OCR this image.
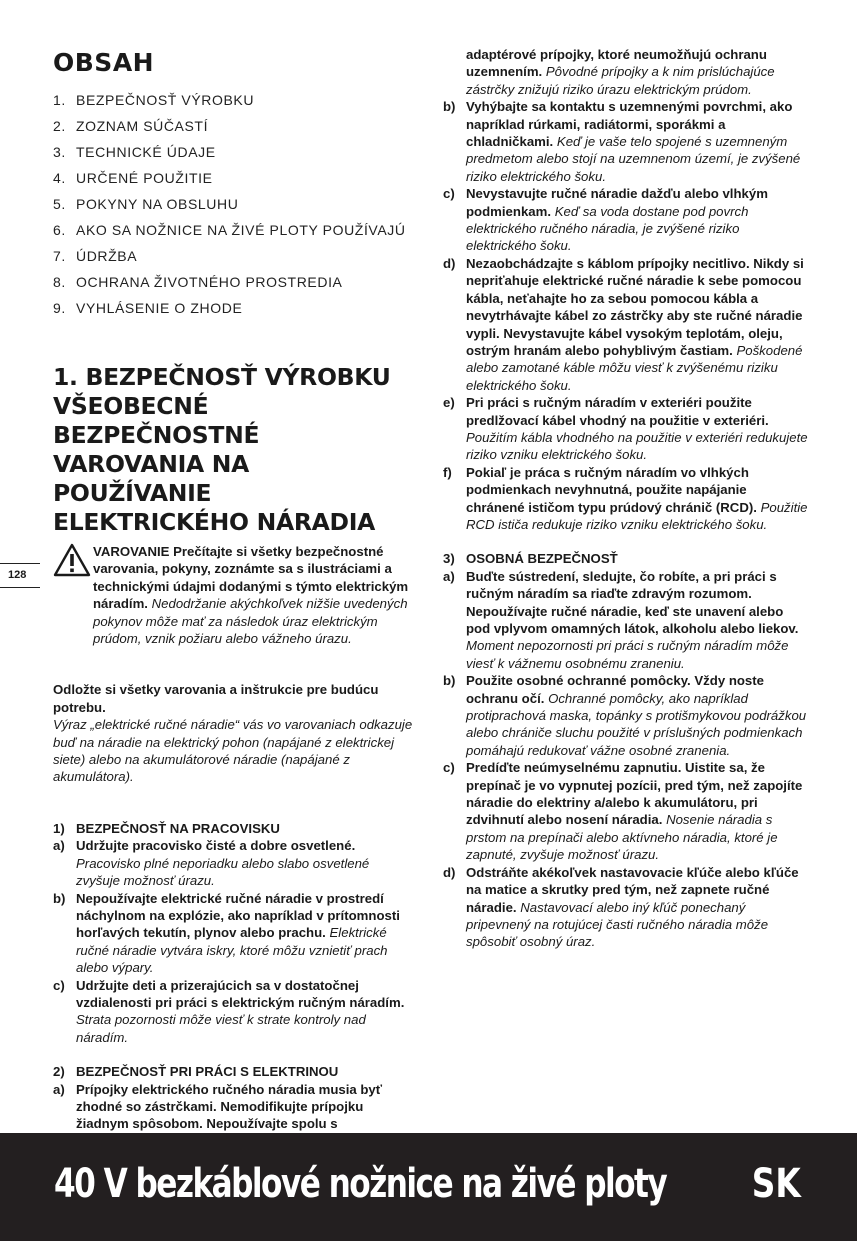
OBSAH
1. BEZPEČNOSŤ VÝROBKU
2. ZOZNAM SÚČASTÍ
3. TECHNICKÉ ÚDAJE
4. URČENÉ POUŽITIE
5. POKYNY NA OBSLUHU
6. AKO SA NOŽNICE NA ŽIVÉ PLOTY POUŽÍVAJÚ
7. ÚDRŽBA
8. OCHRANA ŽIVOTNÉHO PROSTREDIA
9. VYHLÁSENIE O ZHODE
1. BEZPEČNOSŤ VÝROBKU VŠEOBECNÉ BEZPEČNOSTNÉ VAROVANIA NA POUŽÍVANIE ELEKTRICKÉHO NÁRADIA
VAROVANIE Prečítajte si všetky bezpečnostné varovania, pokyny, zoznámte sa s ilustráciami a technickými údajmi dodanými s týmto elektrickým náradím. Nedodržanie akýchkoľvek nižšie uvedených pokynov môže mať za následok úraz elektrickým prúdom, vznik požiaru alebo vážneho úrazu.
Odložte si všetky varovania a inštrukcie pre budúcu potrebu.
Výraz „elektrické ručné náradie“ vás vo varovaniach odkazuje buď na náradie na elektrický pohon (napájané z elektrickej siete) alebo na akumulátorové náradie (napájané z akumulátora).
1) BEZPEČNOSŤ NA PRACOVISKU
a) Udržujte pracovisko čisté a dobre osvetlené. Pracovisko plné neporiadku alebo slabo osvetlené zvyšuje možnosť úrazu.
b) Nepoužívajte elektrické ručné náradie v prostredí náchylnom na explózie, ako napríklad v prítomnosti horľavých tekutín, plynov alebo prachu. Elektrické ručné náradie vytvára iskry, ktoré môžu vznietiť prach alebo výpary.
c) Udržujte deti a prizerajúcich sa v dostatočnej vzdialenosti pri práci s elektrickým ručným náradím. Strata pozornosti môže viesť k strate kontroly nad náradím.
2) BEZPEČNOSŤ PRI PRÁCI S ELEKTRINOU
a) Prípojky elektrického ručného náradia musia byť zhodné so zástrčkami. Nemodifikujte prípojku žiadnym spôsobom. Nepoužívajte spolu s
adaptérové prípojky, ktoré neumožňujú ochranu uzemnením. Pôvodné prípojky a k nim prislúchajúce zástrčky znižujú riziko úrazu elektrickým prúdom.
b) Vyhýbajte sa kontaktu s uzemnenými povrchmi, ako napríklad rúrkami, radiátormi, sporákmi a chladničkami. Keď je vaše telo spojené s uzemneným predmetom alebo stojí na uzemnenom území, je zvýšené riziko elektrického šoku.
c) Nevystavujte ručné náradie dažďu alebo vlhkým podmienkam. Keď sa voda dostane pod povrch elektrického ručného náradia, je zvýšené riziko elektrického šoku.
d) Nezaobchádzajte s káblom prípojky necitlivo. Nikdy si nepriťahuje elektrické ručné náradie k sebe pomocou kábla, neťahajte ho za sebou pomocou kábla a nevytrhávajte kábel zo zástrčky aby ste ručné náradie vypli. Nevystavujte kábel vysokým teplotám, oleju, ostrým hranám alebo pohyblivým častiam. Poškodené alebo zamotané káble môžu viesť k zvýšenému riziku elektrického šoku.
e) Pri práci s ručným náradím v exteriéri použite predlžovací kábel vhodný na použitie v exteriéri. Použitím kábla vhodného na použitie v exteriéri redukujete riziko vzniku elektrického šoku.
f)	Pokiaľ je práca s ručným náradím vo vlhkých podmienkach nevyhnutná, použite napájanie chránené ističom typu prúdový chránič (RCD). Použitie RCD ističa redukuje riziko vzniku elektrického šoku.
3) OSOBNÁ BEZPEČNOSŤ
a) Buďte sústredení, sledujte, čo robíte, a pri práci s ručným náradím sa riaďte zdravým rozumom. Nepoužívajte ručné náradie, keď ste unavení alebo pod vplyvom omamných látok, alkoholu alebo liekov. Moment nepozornosti pri práci s ručným náradím môže viesť k vážnemu osobnému zraneniu.
b) Použite osobné ochranné pomôcky. Vždy noste ochranu očí. Ochranné pomôcky, ako napríklad protiprachová maska, topánky s protišmykovou podrážkou alebo chrániče sluchu použité v príslušných podmienkach pomáhajú redukovať vážne osobné zranenia.
c) Predíďte neúmyselnému zapnutiu. Uistite sa, že prepínač je vo vypnutej pozícii, pred tým, než zapojíte náradie do elektriny a/alebo k akumulátoru, pri zdvihnutí alebo nosení náradia. Nosenie náradia s prstom na prepínači alebo aktívneho náradia, ktoré je zapnuté, zvyšuje možnosť úrazu.
d) Odstráňte akékoľvek nastavovacie kľúče alebo kľúče na matice a skrutky pred tým, než zapnete ručné náradie. Nastavovací alebo iný kľúč ponechaný pripevnený na rotujúcej časti ručného náradia môže spôsobiť osobný úraz.
128
40 V bezkáblové nožnice na živé ploty SK
